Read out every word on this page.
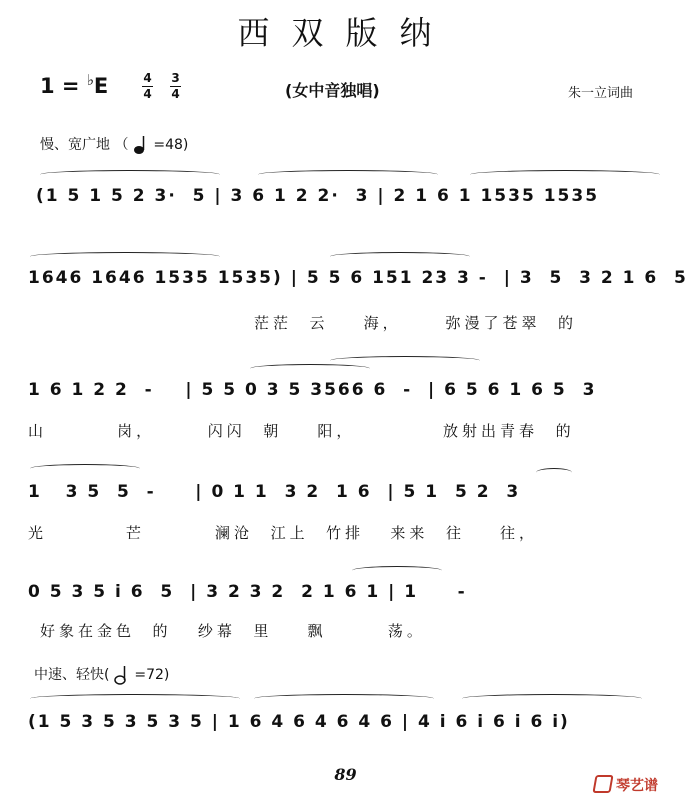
西双版纳
1 = ♭E	4
4
3
4	(女中音独唱)	朱一立词曲
慢、宽广地 （ =48)
(1 5 1 5 2 3·  5 | 3 6 1 2 2·  3 | 2 1 6 1 1535 1535
1646 1646 1535 1535) | 5 5 6 151 23 3 -  | 3  5  3 2 1 6  5
茫茫  云    海，     弥漫了苍翠  的
1 6 1 2 2  -    | 5 5 0 3 5 3566 6  -  | 6 5 6 1 6 5  3
山        岗，      闪闪  朝    阳，          放射出青春  的
1   3 5  5  -     | 0 1 1  3 2  1 6  | 5 1  5 2  3
光         芒        澜沧  江上  竹排   来来  往    往，
0 5 3 5 i 6  5  | 3 2 3 2  2 1 6 1 | 1     -
好象在金色  的   纱幕  里    飘       荡。
中速、轻快( =72)
(1 5 3 5 3 5 3 5 | 1 6 4 6 4 6 4 6 | 4 i 6 i 6 i 6 i)
89
琴艺谱
